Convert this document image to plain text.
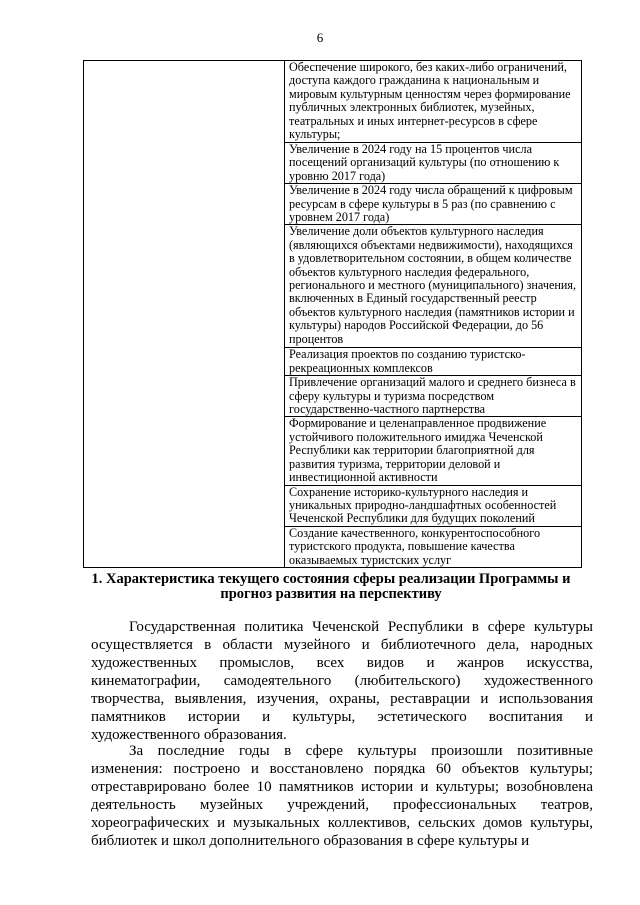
6

Обеспечение широкого, без каких-либо ограничений, доступа каждого гражданина к национальным и мировым культурным ценностям через формирование публичных электронных библиотек, музейных, театральных и иных интернет-ресурсов в сфере культуры;

Увеличение в 2024 году на 15 процентов числа посещений организаций культуры (по отношению к уровню 2017 года)

Увеличение в 2024 году числа обращений к цифровым ресурсам в сфере культуры в 5 раз (по сравнению с уровнем 2017 года)

Увеличение доли объектов культурного наследия (являющихся объектами недвижимости), находящихся в удовлетворительном состоянии, в общем количестве объектов культурного наследия федерального, регионального и местного (муниципального) значения, включенных в Единый государственный реестр объектов культурного наследия (памятников истории и культуры) народов Российской Федерации, до 56 процентов

Реализация проектов по созданию туристско-рекреационных комплексов

Привлечение организаций малого и среднего бизнеса в сферу культуры и туризма посредством государственно-частного партнерства

Формирование и целенаправленное продвижение устойчивого положительного имиджа Чеченской Республики как территории благоприятной для развития туризма, территории деловой и инвестиционной активности

Сохранение историко-культурного наследия и уникальных природно-ландшафтных особенностей Чеченской Республики для будущих поколений

Создание качественного, конкурентоспособного туристского продукта, повышение качества оказываемых туристских услуг
1. Характеристика текущего состояния сферы реализации Программы и прогноз развития на перспективу

Государственная политика Чеченской Республики в сфере культуры осуществляется в области музейного и библиотечного дела, народных художественных промыслов, всех видов и жанров искусства, кинематографии, самодеятельного (любительского) художественного творчества, выявления, изучения, охраны, реставрации и использования памятников истории и культуры, эстетического воспитания и художественного образования.

За последние годы в сфере культуры произошли позитивные изменения: построено и восстановлено порядка 60 объектов культуры; отреставрировано более 10 памятников истории и культуры; возобновлена деятельность музейных учреждений, профессиональных театров, хореографических и музыкальных коллективов, сельских домов культуры, библиотек и школ дополнительного образования в сфере культуры и
